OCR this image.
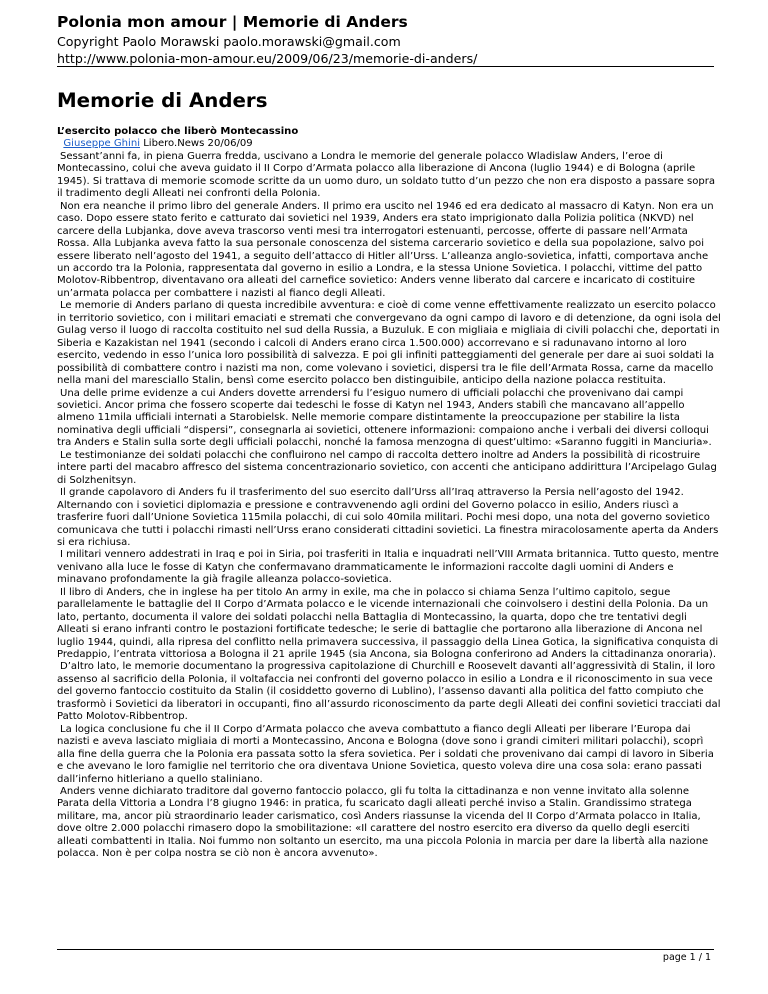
Polonia mon amour | Memorie di Anders
Copyright Paolo Morawski paolo.morawski@gmail.com
http://www.polonia-mon-amour.eu/2009/06/23/memorie-di-anders/
Memorie di Anders
L’esercito polacco che liberò Montecassino
Giuseppe Ghini Libero.News 20/06/09
Sessant’anni fa, in piena Guerra fredda, uscivano a Londra le memorie del generale polacco Wladislaw Anders, l’eroe di Montecassino, colui che aveva guidato il II Corpo d’Armata polacco alla liberazione di Ancona (luglio 1944) e di Bologna (aprile 1945). Si trattava di memorie scomode scritte da un uomo duro, un soldato tutto d’un pezzo che non era disposto a passare sopra il tradimento degli Alleati nei confronti della Polonia.
Non era neanche il primo libro del generale Anders. Il primo era uscito nel 1946 ed era dedicato al massacro di Katyn. Non era un caso. Dopo essere stato ferito e catturato dai sovietici nel 1939, Anders era stato imprigionato dalla Polizia politica (NKVD) nel carcere della Lubjanka, dove aveva trascorso venti mesi tra interrogatori estenuanti, percosse, offerte di passare nell’Armata Rossa. Alla Lubjanka aveva fatto la sua personale conoscenza del sistema carcerario sovietico e della sua popolazione, salvo poi essere liberato nell’agosto del 1941, a seguito dell’attacco di Hitler all’Urss. L’alleanza anglo-sovietica, infatti, comportava anche un accordo tra la Polonia, rappresentata dal governo in esilio a Londra, e la stessa Unione Sovietica. I polacchi, vittime del patto Molotov-Ribbentrop, diventavano ora alleati del carnefice sovietico: Anders venne liberato dal carcere e incaricato di costituire un’armata polacca per combattere i nazisti al fianco degli Alleati.
Le memorie di Anders parlano di questa incredibile avventura: e cioè di come venne effettivamente realizzato un esercito polacco in territorio sovietico, con i militari emaciati e stremati che convergevano da ogni campo di lavoro e di detenzione, da ogni isola del Gulag verso il luogo di raccolta costituito nel sud della Russia, a Buzuluk. E con migliaia e migliaia di civili polacchi che, deportati in Siberia e Kazakistan nel 1941 (secondo i calcoli di Anders erano circa 1.500.000) accorrevano e si radunavano intorno al loro esercito, vedendo in esso l’unica loro possibilità di salvezza. E poi gli infiniti patteggiamenti del generale per dare ai suoi soldati la possibilità di combattere contro i nazisti ma non, come volevano i sovietici, dispersi tra le file dell’Armata Rossa, carne da macello nella mani del maresciallo Stalin, bensì come esercito polacco ben distinguibile, anticipo della nazione polacca restituita.
Una delle prime evidenze a cui Anders dovette arrendersi fu l’esiguo numero di ufficiali polacchi che provenivano dai campi sovietici. Ancor prima che fossero scoperte dai tedeschi le fosse di Katyn nel 1943, Anders stabilì che mancavano all’appello almeno 11mila ufficiali internati a Starobielsk. Nelle memorie compare distintamente la preoccupazione per stabilire la lista nominativa degli ufficiali “dispersi”, consegnarla ai sovietici, ottenere informazioni: compaiono anche i verbali dei diversi colloqui tra Anders e Stalin sulla sorte degli ufficiali polacchi, nonché la famosa menzogna di quest’ultimo: «Saranno fuggiti in Manciuria».
Le testimonianze dei soldati polacchi che confluirono nel campo di raccolta dettero inoltre ad Anders la possibilità di ricostruire intere parti del macabro affresco del sistema concentrazionario sovietico, con accenti che anticipano addirittura l’Arcipelago Gulag di Solzhenitsyn.
Il grande capolavoro di Anders fu il trasferimento del suo esercito dall’Urss all’Iraq attraverso la Persia nell’agosto del 1942. Alternando con i sovietici diplomazia e pressione e contravvenendo agli ordini del Governo polacco in esilio, Anders riuscì a trasferire fuori dall’Unione Sovietica 115mila polacchi, di cui solo 40mila militari. Pochi mesi dopo, una nota del governo sovietico comunicava che tutti i polacchi rimasti nell’Urss erano considerati cittadini sovietici. La finestra miracolosamente aperta da Anders si era richiusa.
I militari vennero addestrati in Iraq e poi in Siria, poi trasferiti in Italia e inquadrati nell’VIII Armata britannica. Tutto questo, mentre venivano alla luce le fosse di Katyn che confermavano drammaticamente le informazioni raccolte dagli uomini di Anders e minavano profondamente la già fragile alleanza polacco-sovietica.
Il libro di Anders, che in inglese ha per titolo An army in exile, ma che in polacco si chiama Senza l’ultimo capitolo, segue parallelamente le battaglie del II Corpo d’Armata polacco e le vicende internazionali che coinvolsero i destini della Polonia. Da un lato, pertanto, documenta il valore dei soldati polacchi nella Battaglia di Montecassino, la quarta, dopo che tre tentativi degli Alleati si erano infranti contro le postazioni fortificate tedesche; le serie di battaglie che portarono alla liberazione di Ancona nel luglio 1944, quindi, alla ripresa del conflitto nella primavera successiva, il passaggio della Linea Gotica, la significativa conquista di Predappio, l’entrata vittoriosa a Bologna il 21 aprile 1945 (sia Ancona, sia Bologna conferirono ad Anders la cittadinanza onoraria).
D’altro lato, le memorie documentano la progressiva capitolazione di Churchill e Roosevelt davanti all’aggressività di Stalin, il loro assenso al sacrificio della Polonia, il voltafaccia nei confronti del governo polacco in esilio a Londra e il riconoscimento in sua vece del governo fantoccio costituito da Stalin (il cosiddetto governo di Lublino), l’assenso davanti alla politica del fatto compiuto che trasformò i Sovietici da liberatori in occupanti, fino all’assurdo riconoscimento da parte degli Alleati dei confini sovietici tracciati dal Patto Molotov-Ribbentrop.
La logica conclusione fu che il II Corpo d’Armata polacco che aveva combattuto a fianco degli Alleati per liberare l’Europa dai nazisti e aveva lasciato migliaia di morti a Montecassino, Ancona e Bologna (dove sono i grandi cimiteri militari polacchi), scoprì alla fine della guerra che la Polonia era passata sotto la sfera sovietica. Per i soldati che provenivano dai campi di lavoro in Siberia e che avevano le loro famiglie nel territorio che ora diventava Unione Sovietica, questo voleva dire una cosa sola: erano passati dall’inferno hitleriano a quello staliniano.
Anders venne dichiarato traditore dal governo fantoccio polacco, gli fu tolta la cittadinanza e non venne invitato alla solenne Parata della Vittoria a Londra l’8 giugno 1946: in pratica, fu scaricato dagli alleati perché inviso a Stalin. Grandissimo stratega militare, ma, ancor più straordinario leader carismatico, così Anders riassunse la vicenda del II Corpo d’Armata polacco in Italia, dove oltre 2.000 polacchi rimasero dopo la smobilitazione: «Il carattere del nostro esercito era diverso da quello degli eserciti alleati combattenti in Italia. Noi fummo non soltanto un esercito, ma una piccola Polonia in marcia per dare la libertà alla nazione polacca. Non è per colpa nostra se ciò non è ancora avvenuto».
page 1 / 1
